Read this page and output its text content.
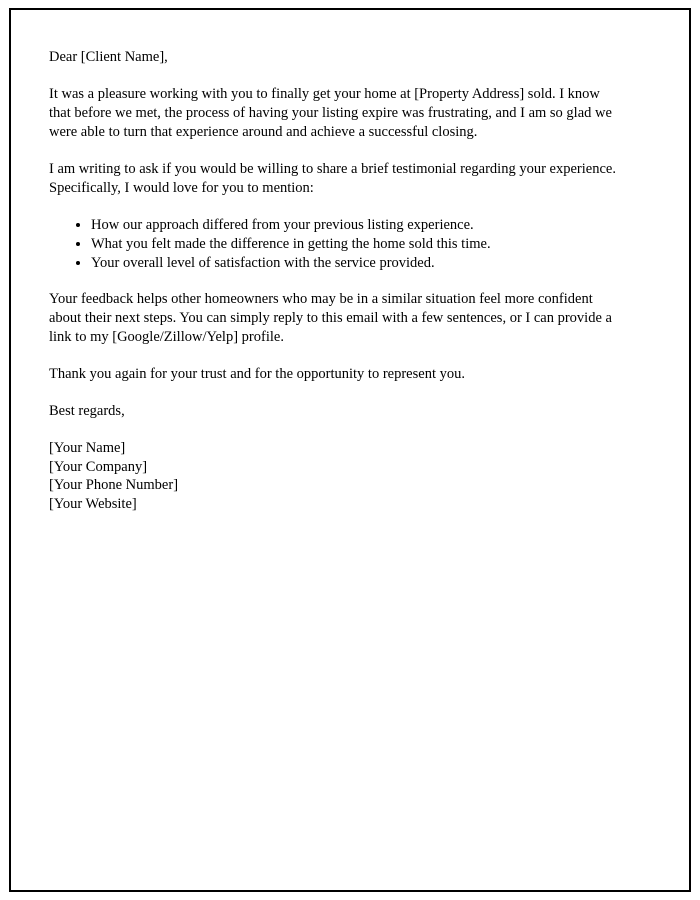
Dear [Client Name],
It was a pleasure working with you to finally get your home at [Property Address] sold. I know that before we met, the process of having your listing expire was frustrating, and I am so glad we were able to turn that experience around and achieve a successful closing.
I am writing to ask if you would be willing to share a brief testimonial regarding your experience. Specifically, I would love for you to mention:
• How our approach differed from your previous listing experience.
• What you felt made the difference in getting the home sold this time.
• Your overall level of satisfaction with the service provided.
Your feedback helps other homeowners who may be in a similar situation feel more confident about their next steps. You can simply reply to this email with a few sentences, or I can provide a link to my [Google/Zillow/Yelp] profile.
Thank you again for your trust and for the opportunity to represent you.
Best regards,
[Your Name]
[Your Company]
[Your Phone Number]
[Your Website]
